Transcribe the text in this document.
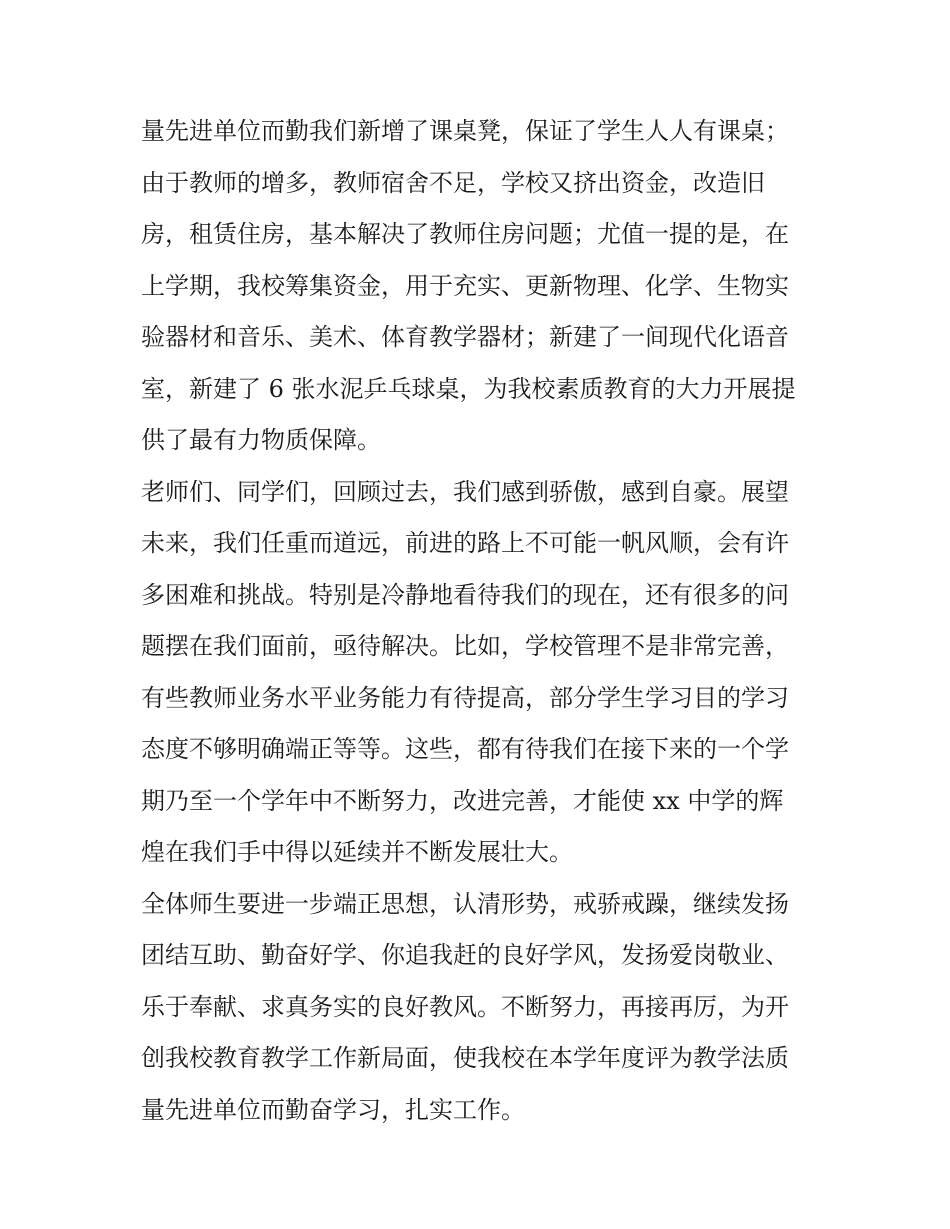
量先进单位而勤我们新增了课桌凳，保证了学生人人有课桌；
由于教师的增多，教师宿舍不足，学校又挤出资金，改造旧
房，租赁住房，基本解决了教师住房问题；尤值一提的是，在
上学期，我校筹集资金，用于充实、更新物理、化学、生物实
验器材和音乐、美术、体育教学器材；新建了一间现代化语音
室，新建了 6 张水泥乒乓球桌，为我校素质教育的大力开展提
供了最有力物质保障。
老师们、同学们，回顾过去，我们感到骄傲，感到自豪。展望
未来，我们任重而道远，前进的路上不可能一帆风顺，会有许
多困难和挑战。特别是冷静地看待我们的现在，还有很多的问
题摆在我们面前，亟待解决。比如，学校管理不是非常完善，
有些教师业务水平业务能力有待提高，部分学生学习目的学习
态度不够明确端正等等。这些，都有待我们在接下来的一个学
期乃至一个学年中不断努力，改进完善，才能使 xx 中学的辉
煌在我们手中得以延续并不断发展壮大。
全体师生要进一步端正思想，认清形势，戒骄戒躁，继续发扬
团结互助、勤奋好学、你追我赶的良好学风，发扬爱岗敬业、
乐于奉献、求真务实的良好教风。不断努力，再接再厉，为开
创我校教育教学工作新局面，使我校在本学年度评为教学法质
量先进单位而勤奋学习，扎实工作。
